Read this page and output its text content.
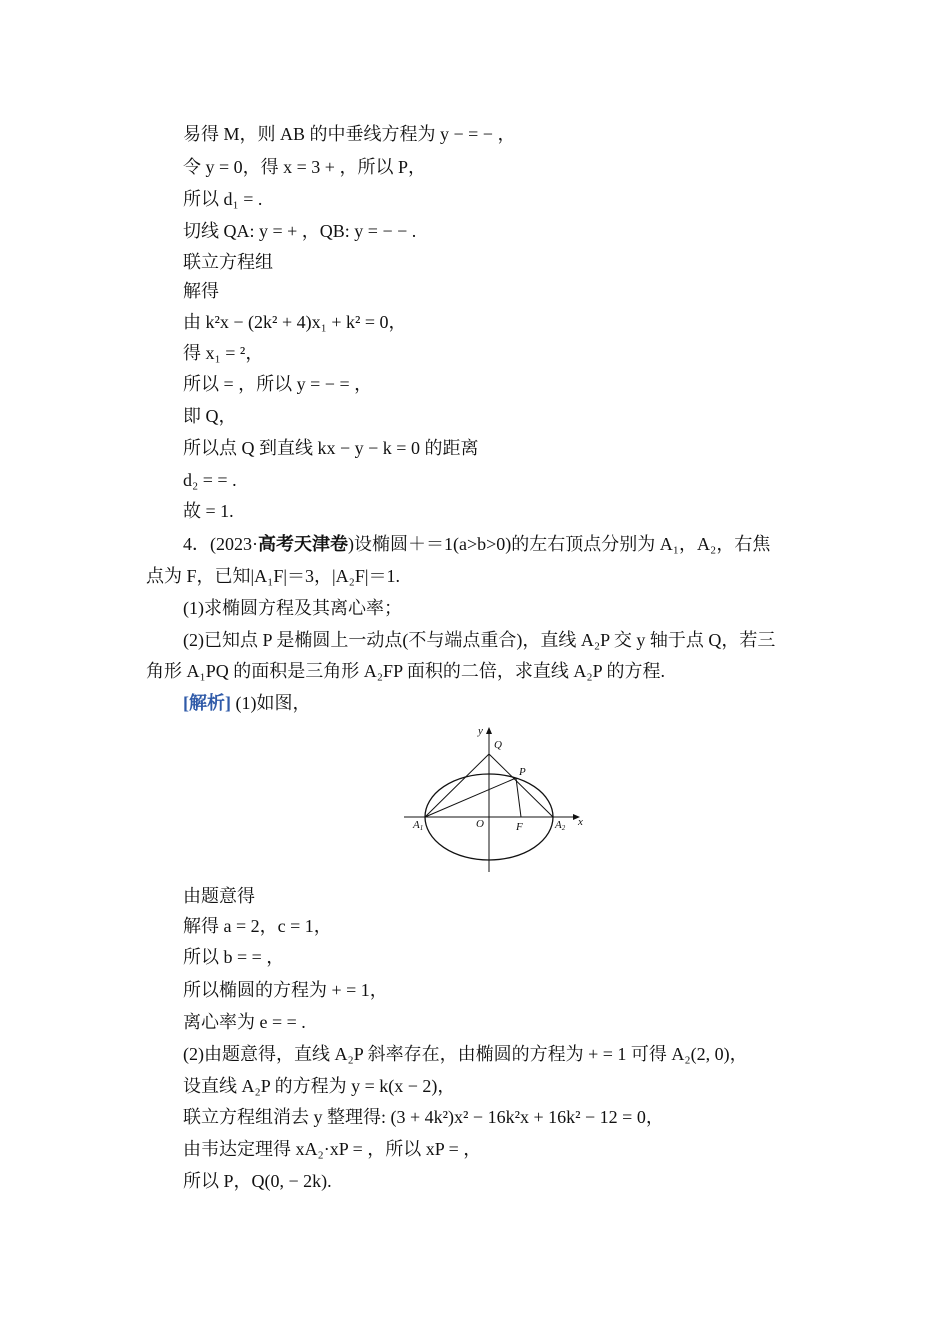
易得 M，则 AB 的中垂线方程为 y − = − ，
令 y = 0，得 x = 3 + ，所以 P，
所以 d₁ = .
切线 QA: y = + ，QB: y = − − .
联立方程组
解得
由 k²x − (2k² + 4)x₁ + k² = 0，
得 x₁ = ²，
所以 = ，所以 y = − = ，
即 Q，
所以点 Q 到直线 kx − y − k = 0 的距离
d₂ = = .
故 = 1.
4．(2023·高考天津卷)设椭圆＋＝1(a>b>0)的左右顶点分别为 A₁，A₂，右焦
点为 F，已知|A₁F|＝3，|A₂F|＝1.
(1)求椭圆方程及其离心率；
(2)已知点 P 是椭圆上一动点(不与端点重合)，直线 A₂P 交 y 轴于点 Q，若三
角形 A₁PQ 的面积是三角形 A₂FP 面积的二倍，求直线 A₂P 的方程.
[解析] (1)如图，
y
x
Q
P
O	F
A1	A2
由题意得
解得 a = 2，c = 1，
所以 b = = ，
所以椭圆的方程为 + = 1，
离心率为 e = = .
(2)由题意得，直线 A₂P 斜率存在，由椭圆的方程为 + = 1 可得 A₂(2, 0)，
设直线 A₂P 的方程为 y = k(x − 2)，
联立方程组消去 y 整理得: (3 + 4k²)x² − 16k²x + 16k² − 12 = 0，
由韦达定理得 xA₂·xP = ，所以 xP = ，
所以 P，Q(0, − 2k).
